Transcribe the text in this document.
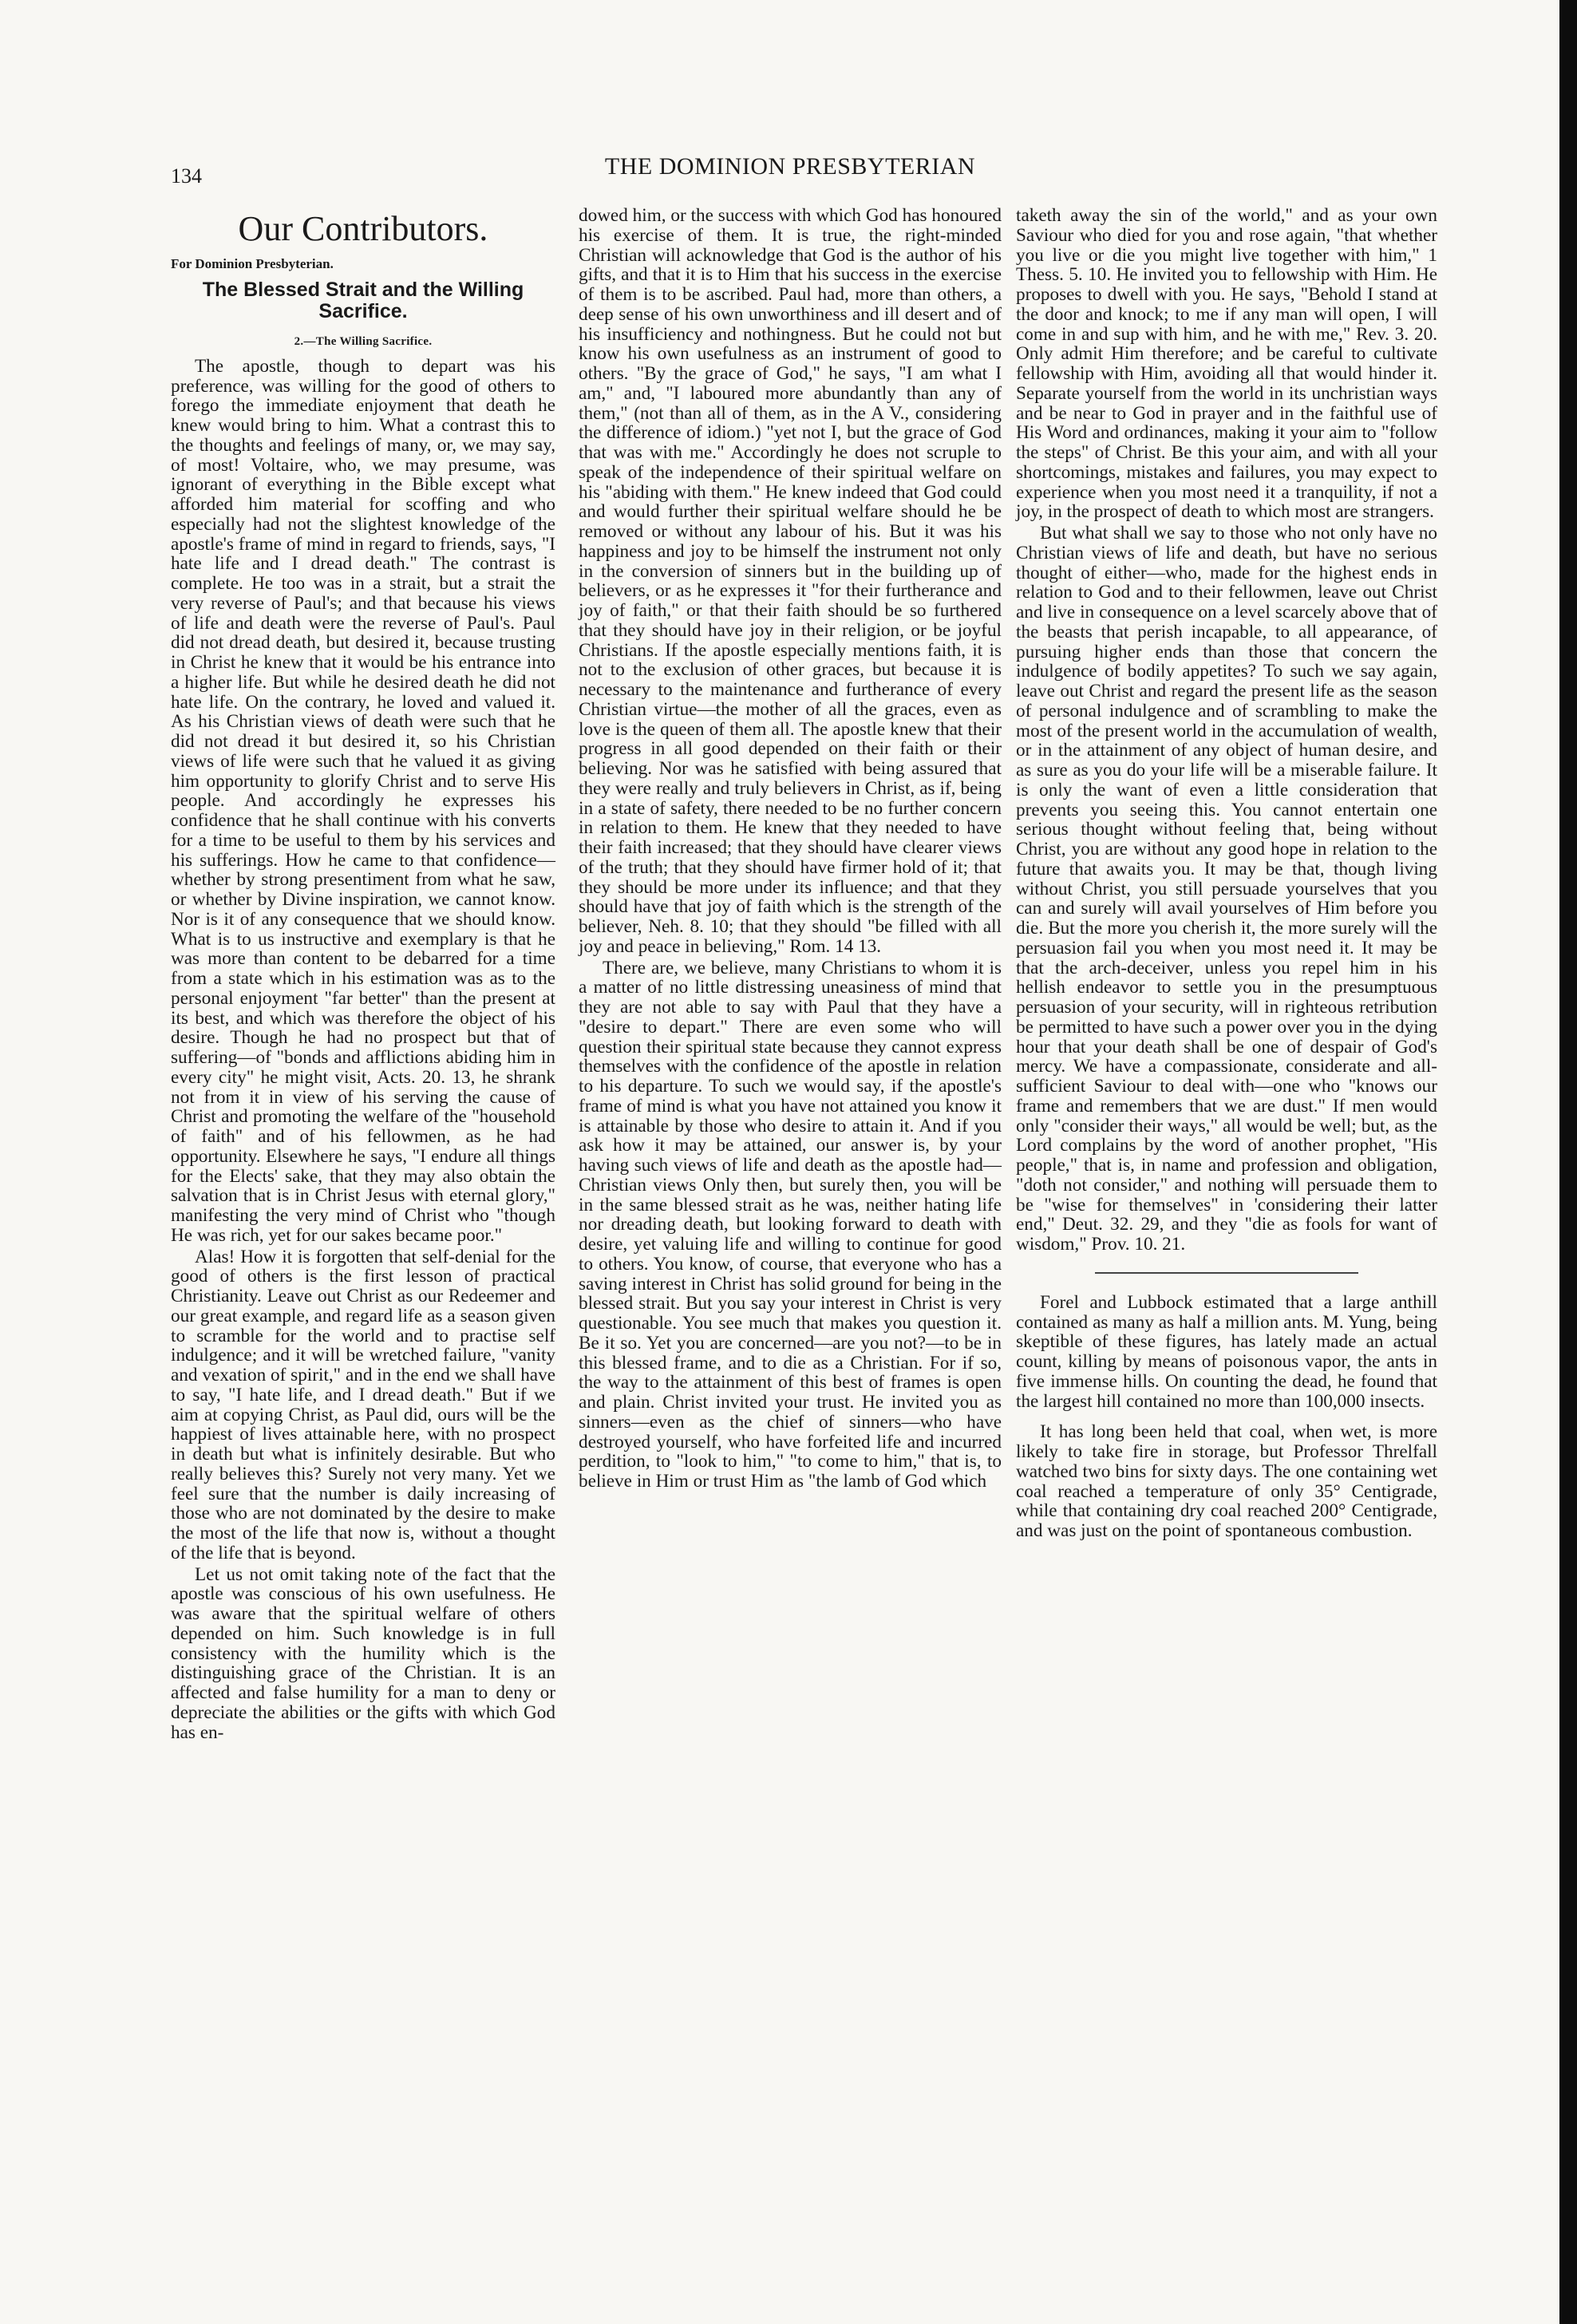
134	THE DOMINION PRESBYTERIAN
Our Contributors.
For Dominion Presbyterian.
The Blessed Strait and the Willing Sacrifice.
2.—The Willing Sacrifice.

The apostle, though to depart was his preference, was willing for the good of others to forego the immediate enjoyment that death he knew would bring to him. What a contrast this to the thoughts and feelings of many, or, we may say, of most! Voltaire, who, we may presume, was ignorant of everything in the Bible except what afforded him material for scoffing and who especially had not the slightest knowledge of the apostle's frame of mind in regard to friends, says, "I hate life and I dread death." The contrast is complete. He too was in a strait, but a strait the very reverse of Paul's; and that because his views of life and death were the reverse of Paul's. Paul did not dread death, but desired it, because trusting in Christ he knew that it would be his entrance into a higher life. But while he desired death he did not hate life. On the contrary, he loved and valued it. As his Christian views of death were such that he did not dread it but desired it, so his Christian views of life were such that he valued it as giving him opportunity to glorify Christ and to serve His people. And accordingly he expresses his confidence that he shall continue with his converts for a time to be useful to them by his services and his sufferings. How he came to that confidence—whether by strong presentiment from what he saw, or whether by Divine inspiration, we cannot know. Nor is it of any consequence that we should know. What is to us instructive and exemplary is that he was more than content to be debarred for a time from a state which in his estimation was as to the personal enjoyment "far better" than the present at its best, and which was therefore the object of his desire. Though he had no prospect but that of suffering—of "bonds and afflictions abiding him in every city" he might visit, Acts. 20. 13, he shrank not from it in view of his serving the cause of Christ and promoting the welfare of the "household of faith" and of his fellowmen, as he had opportunity. Elsewhere he says, "I endure all things for the Elects' sake, that they may also obtain the salvation that is in Christ Jesus with eternal glory," manifesting the very mind of Christ who "though He was rich, yet for our sakes became poor."

Alas! How it is forgotten that self-denial for the good of others is the first lesson of practical Christianity. Leave out Christ as our Redeemer and our great example, and regard life as a season given to scramble for the world and to practise self indulgence; and it will be wretched failure, "vanity and vexation of spirit," and in the end we shall have to say, "I hate life, and I dread death." But if we aim at copying Christ, as Paul did, ours will be the happiest of lives attainable here, with no prospect in death but what is infinitely desirable. But who really believes this? Surely not very many. Yet we feel sure that the number is daily increasing of those who are not dominated by the desire to make the most of the life that now is, without a thought of the life that is beyond.

Let us not omit taking note of the fact that the apostle was conscious of his own usefulness. He was aware that the spiritual welfare of others depended on him. Such knowledge is in full consistency with the humility which is the distinguishing grace of the Christian. It is an affected and false humility for a man to deny or depreciate the abilities or the gifts with which God has en-

dowed him, or the success with which God has honoured his exercise of them. It is true, the right-minded Christian will acknowledge that God is the author of his gifts, and that it is to Him that his success in the exercise of them is to be ascribed. Paul had, more than others, a deep sense of his own unworthiness and ill desert and of his insufficiency and nothingness. But he could not but know his own usefulness as an instrument of good to others. "By the grace of God," he says, "I am what I am," and, "I laboured more abundantly than any of them," (not than all of them, as in the A V., considering the difference of idiom.) "yet not I, but the grace of God that was with me." Accordingly he does not scruple to speak of the independence of their spiritual welfare on his "abiding with them." He knew indeed that God could and would further their spiritual welfare should he be removed or without any labour of his. But it was his happiness and joy to be himself the instrument not only in the conversion of sinners but in the building up of believers, or as he expresses it "for their furtherance and joy of faith," or that their faith should be so furthered that they should have joy in their religion, or be joyful Christians. If the apostle especially mentions faith, it is not to the exclusion of other graces, but because it is necessary to the maintenance and furtherance of every Christian virtue—the mother of all the graces, even as love is the queen of them all. The apostle knew that their progress in all good depended on their faith or their believing. Nor was he satisfied with being assured that they were really and truly believers in Christ, as if, being in a state of safety, there needed to be no further concern in relation to them. He knew that they needed to have their faith increased; that they should have clearer views of the truth; that they should have firmer hold of it; that they should be more under its influence; and that they should have that joy of faith which is the strength of the believer, Neh. 8. 10; that they should "be filled with all joy and peace in believing," Rom. 14 13.

There are, we believe, many Christians to whom it is a matter of no little distressing uneasiness of mind that they are not able to say with Paul that they have a "desire to depart." There are even some who will question their spiritual state because they cannot express themselves with the confidence of the apostle in relation to his departure. To such we would say, if the apostle's frame of mind is what you have not attained you know it is attainable by those who desire to attain it. And if you ask how it may be attained, our answer is, by your having such views of life and death as the apostle had—Christian views Only then, but surely then, you will be in the same blessed strait as he was, neither hating life nor dreading death, but looking forward to death with desire, yet valuing life and willing to continue for good to others. You know, of course, that everyone who has a saving interest in Christ has solid ground for being in the blessed strait. But you say your interest in Christ is very questionable. You see much that makes you question it. Be it so. Yet you are concerned—are you not?—to be in this blessed frame, and to die as a Christian. For if so, the way to the attainment of this best of frames is open and plain. Christ invited your trust. He invited you as sinners—even as the chief of sinners—who have destroyed yourself, who have forfeited life and incurred perdition, to "look to him," "to come to him," that is, to believe in Him or trust Him as "the lamb of God which

taketh away the sin of the world," and as your own Saviour who died for you and rose again, "that whether you live or die you might live together with him," 1 Thess. 5. 10. He invited you to fellowship with Him. He proposes to dwell with you. He says, "Behold I stand at the door and knock; to me if any man will open, I will come in and sup with him, and he with me," Rev. 3. 20. Only admit Him therefore; and be careful to cultivate fellowship with Him, avoiding all that would hinder it. Separate yourself from the world in its unchristian ways and be near to God in prayer and in the faithful use of His Word and ordinances, making it your aim to "follow the steps" of Christ. Be this your aim, and with all your shortcomings, mistakes and failures, you may expect to experience when you most need it a tranquility, if not a joy, in the prospect of death to which most are strangers.

But what shall we say to those who not only have no Christian views of life and death, but have no serious thought of either—who, made for the highest ends in relation to God and to their fellowmen, leave out Christ and live in consequence on a level scarcely above that of the beasts that perish incapable, to all appearance, of pursuing higher ends than those that concern the indulgence of bodily appetites? To such we say again, leave out Christ and regard the present life as the season of personal indulgence and of scrambling to make the most of the present world in the accumulation of wealth, or in the attainment of any object of human desire, and as sure as you do your life will be a miserable failure. It is only the want of even a little consideration that prevents you seeing this. You cannot entertain one serious thought without feeling that, being without Christ, you are without any good hope in relation to the future that awaits you. It may be that, though living without Christ, you still persuade yourselves that you can and surely will avail yourselves of Him before you die. But the more you cherish it, the more surely will the persuasion fail you when you most need it. It may be that the arch-deceiver, unless you repel him in his hellish endeavor to settle you in the presumptuous persuasion of your security, will in righteous retribution be permitted to have such a power over you in the dying hour that your death shall be one of despair of God's mercy. We have a compassionate, considerate and all-sufficient Saviour to deal with—one who "knows our frame and remembers that we are dust." If men would only "consider their ways," all would be well; but, as the Lord complains by the word of another prophet, "His people," that is, in name and profession and obligation, "doth not consider," and nothing will persuade them to be "wise for themselves" in 'considering their latter end," Deut. 32. 29, and they "die as fools for want of wisdom," Prov. 10. 21.

Forel and Lubbock estimated that a large anthill contained as many as half a million ants. M. Yung, being skeptible of these figures, has lately made an actual count, killing by means of poisonous vapor, the ants in five immense hills. On counting the dead, he found that the largest hill contained no more than 100,000 insects.

It has long been held that coal, when wet, is more likely to take fire in storage, but Professor Threlfall watched two bins for sixty days. The one containing wet coal reached a temperature of only 35° Centigrade, while that containing dry coal reached 200° Centigrade, and was just on the point of spontaneous combustion.
